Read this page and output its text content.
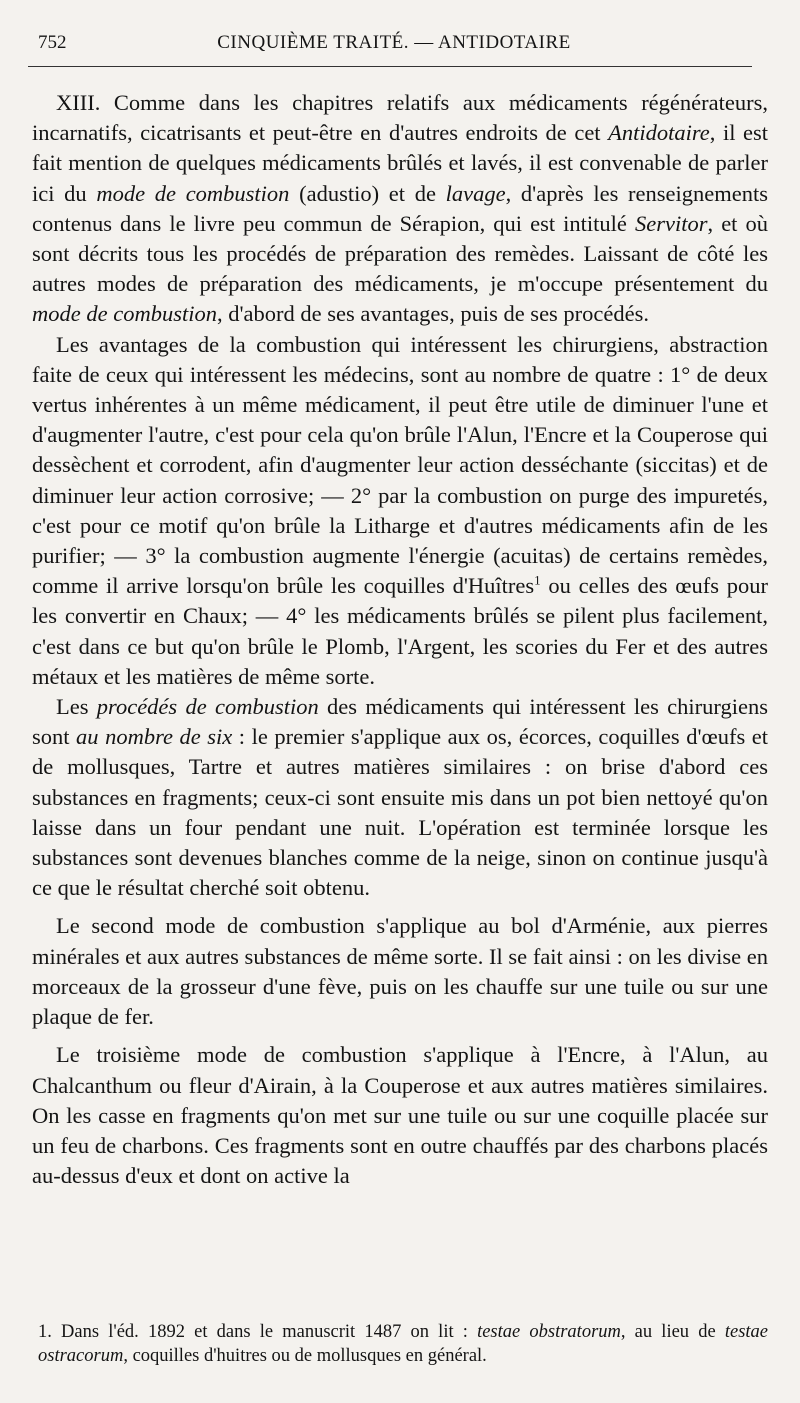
752	CINQUIÈME TRAITÉ. — ANTIDOTAIRE

XIII. Comme dans les chapitres relatifs aux médicaments régénérateurs, incarnatifs, cicatrisants et peut-être en d'autres endroits de cet Antidotaire, il est fait mention de quelques médicaments brûlés et lavés, il est convenable de parler ici du mode de combustion (adustio) et de lavage, d'après les renseignements contenus dans le livre peu commun de Sérapion, qui est intitulé Servitor, et où sont décrits tous les procédés de préparation des remèdes. Laissant de côté les autres modes de préparation des médicaments, je m'occupe présentement du mode de combustion, d'abord de ses avantages, puis de ses procédés.

Les avantages de la combustion qui intéressent les chirurgiens, abstraction faite de ceux qui intéressent les médecins, sont au nombre de quatre : 1° de deux vertus inhérentes à un même médicament, il peut être utile de diminuer l'une et d'augmenter l'autre, c'est pour cela qu'on brûle l'Alun, l'Encre et la Couperose qui dessèchent et corrodent, afin d'augmenter leur action desséchante (siccitas) et de diminuer leur action corrosive; — 2° par la combustion on purge des impuretés, c'est pour ce motif qu'on brûle la Litharge et d'autres médicaments afin de les purifier; — 3° la combustion augmente l'énergie (acuitas) de certains remèdes, comme il arrive lorsqu'on brûle les coquilles d'Huîtres$^1$ ou celles des œufs pour les convertir en Chaux; — 4° les médicaments brûlés se pilent plus facilement, c'est dans ce but qu'on brûle le Plomb, l'Argent, les scories du Fer et des autres métaux et les matières de même sorte.

Les procédés de combustion des médicaments qui intéressent les chirurgiens sont au nombre de six : le premier s'applique aux os, écorces, coquilles d'œufs et de mollusques, Tartre et autres matières similaires : on brise d'abord ces substances en fragments; ceux-ci sont ensuite mis dans un pot bien nettoyé qu'on laisse dans un four pendant une nuit. L'opération est terminée lorsque les substances sont devenues blanches comme de la neige, sinon on continue jusqu'à ce que le résultat cherché soit obtenu.

Le second mode de combustion s'applique au bol d'Arménie, aux pierres minérales et aux autres substances de même sorte. Il se fait ainsi : on les divise en morceaux de la grosseur d'une fève, puis on les chauffe sur une tuile ou sur une plaque de fer.

Le troisième mode de combustion s'applique à l'Encre, à l'Alun, au Chalcanthum ou fleur d'Airain, à la Couperose et aux autres matières similaires. On les casse en fragments qu'on met sur une tuile ou sur une coquille placée sur un feu de charbons. Ces fragments sont en outre chauffés par des charbons placés au-dessus d'eux et dont on active la

1. Dans l'éd. 1892 et dans le manuscrit 1487 on lit : testae obstratorum, au lieu de testae ostracorum, coquilles d'huitres ou de mollusques en général.
